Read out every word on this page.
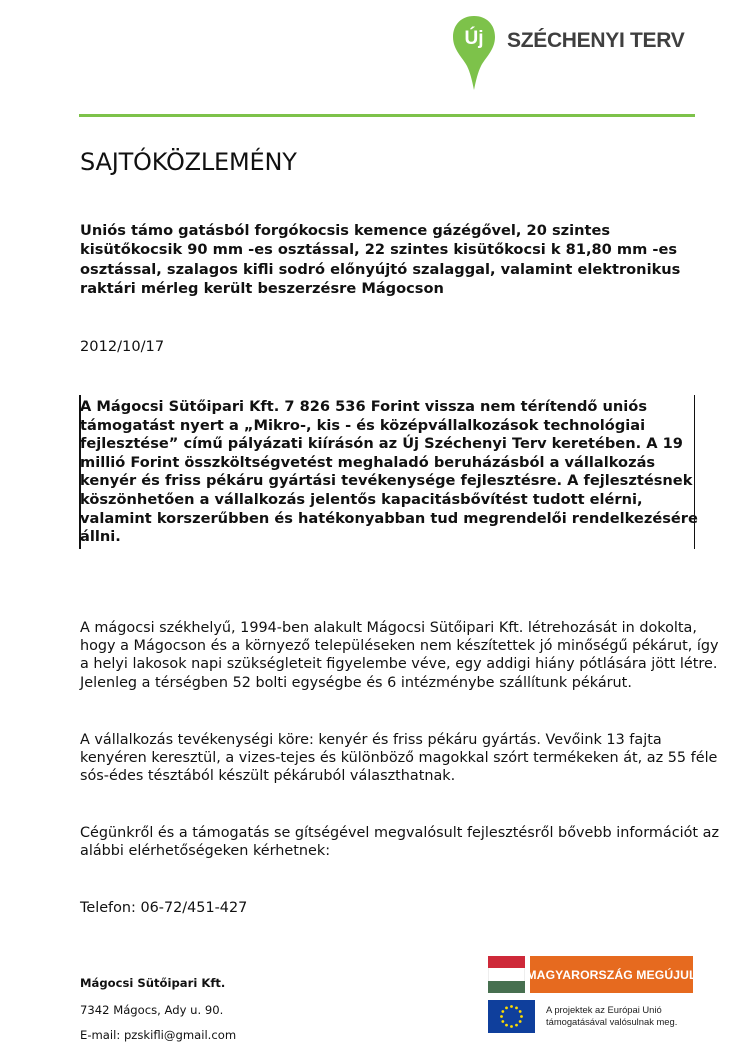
Új SZÉCHENYI TERV
SAJTÓKÖZLEMÉNY
Uniós támo gatásból forgókocsis kemence gázégővel, 20 szintes
kisütőkocsik 90 mm -es osztással, 22 szintes kisütőkocsi k 81,80 mm -es
osztással, szalagos kifli sodró előnyújtó szalaggal, valamint elektronikus
raktári mérleg került beszerzésre Mágocson
2012/10/17
A Mágocsi Sütőipari Kft. 7 826 536 Forint vissza nem térítendő uniós
támogatást nyert a „Mikro-, kis - és középvállalkozások technológiai
fejlesztése” című pályázati kiírásón az Új Széchenyi Terv keretében. A 19
millió Forint összköltségvetést meghaladó beruházásból a vállalkozás
kenyér és friss pékáru gyártási tevékenysége fejlesztésre. A fejlesztésnek
köszönhetően a vállalkozás jelentős kapacitásbővítést tudott elérni,
valamint korszerűbben és hatékonyabban tud megrendelői rendelkezésére
állni.
A mágocsi székhelyű, 1994-ben alakult Mágocsi Sütőipari Kft. létrehozását in dokolta,
hogy a Mágocson és a környező településeken nem készítettek jó minőségű pékárut, így
a helyi lakosok napi szükségleteit figyelembe véve, egy addigi hiány pótlására jött létre.
Jelenleg a térségben 52 bolti egységbe és 6 intézménybe szállítunk pékárut.
A vállalkozás tevékenységi köre: kenyér és friss pékáru gyártás. Vevőink 13 fajta
kenyéren keresztül, a vizes-tejes és különböző magokkal szórt termékeken át, az 55 féle
sós-édes tésztából készült pékáruból választhatnak.
Cégünkről és a támogatás se gítségével megvalósult fejlesztésről bővebb információt az
alábbi elérhetőségeken kérhetnek:
Telefon: 06-72/451-427
Mágocsi Sütőipari Kft.
7342 Mágocs, Ady u. 90.
E-mail: pzskifli@gmail.com
MAGYARORSZÁG MEGÚJUL
A projektek az Európai Unió
támogatásával valósulnak meg.
